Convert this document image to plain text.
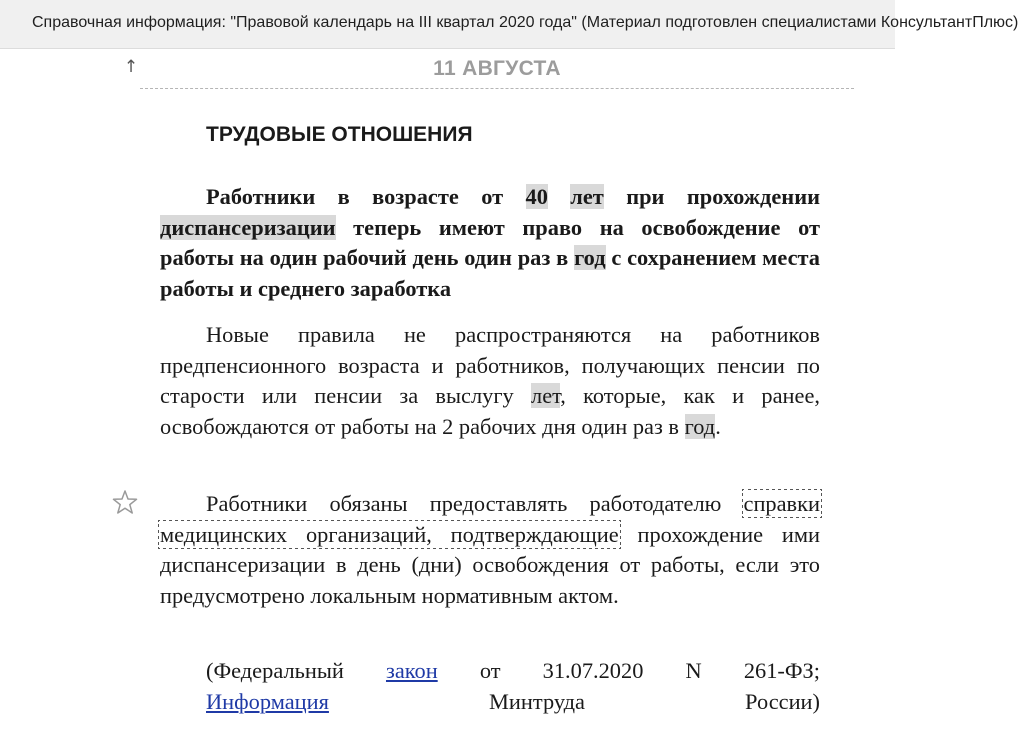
Справочная информация: "Правовой календарь на III квартал 2020 года" (Материал подготовлен специалистами КонсультантПлюс)
↑	11 АВГУСТА
ТРУДОВЫЕ ОТНОШЕНИЯ

Работники в возрасте от 40 лет при прохождении диспансеризации теперь имеют право на освобождение от работы на один рабочий день один раз в год с сохранением места работы и среднего заработка

Новые правила не распространяются на работников предпенсионного возраста и работников, получающих пенсии по старости или пенсии за выслугу лет, которые, как и ранее, освобождаются от работы на 2 рабочих дня один раз в год.

Работники обязаны предоставлять работодателю справки медицинских организаций, подтверждающие прохождение ими диспансеризации в день (дни) освобождения от работы, если это предусмотрено локальным нормативным актом.

(Федеральный закон от 31.07.2020 N 261-ФЗ;
Информация Минтруда России)
